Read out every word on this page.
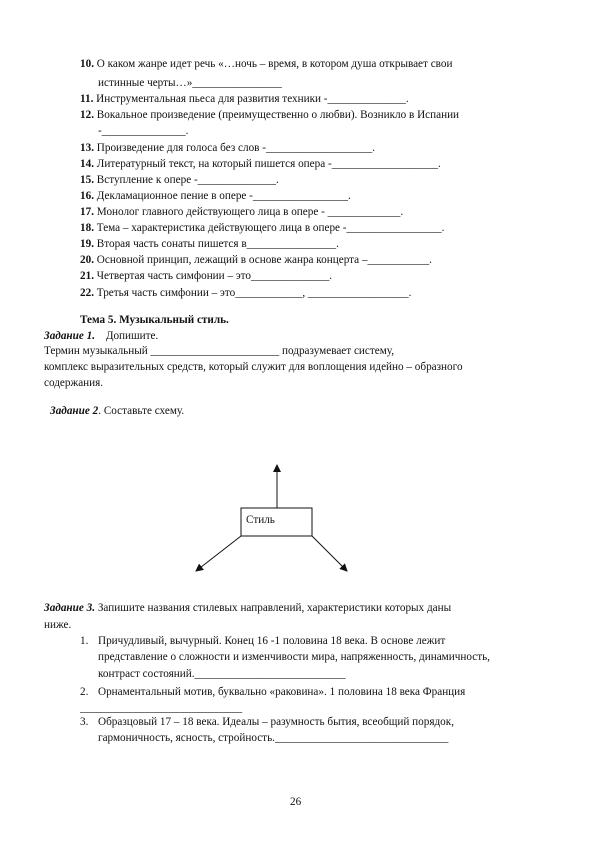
10. О каком жанре идет речь «…ночь – время, в котором душа открывает свои
истинные черты…»________________
11. Инструментальная пьеса для развития техники -______________.
12. Вокальное произведение (преимущественно о любви). Возникло в Испании
-_______________.
13. Произведение для голоса без слов -___________________.
14. Литературный текст, на который пишется опера -___________________.
15. Вступление к опере -______________.
16. Декламационное пение в опере -_________________.
17. Монолог главного действующего лица в опере - _____________.
18. Тема – характеристика действующего лица в опере -_________________.
19. Вторая часть сонаты пишется в________________.
20. Основной принцип, лежащий в основе жанра концерта –___________.
21. Четвертая часть симфонии – это______________.
22. Третья часть симфонии – это____________, __________________.
Тема 5. Музыкальный стиль.
Задание 1. Допишите.
Термин музыкальный _______________________ подразумевает систему,
комплекс выразительных средств, который служит для воплощения идейно – образного
содержания.
Задание 2. Составьте схему.
Стиль
Задание 3. Запишите названия стилевых направлений, характеристики которых даны
ниже.
1. Причудливый, вычурный. Конец 16 -1 половина 18 века. В основе лежит
представление о сложности и изменчивости мира, напряженность, динамичность,
контраст состояний.___________________________
2. Орнаментальный мотив, буквально «раковина». 1 половина 18 века Франция
_____________________________
3. Образцовый 17 – 18 века. Идеалы – разумность бытия, всеобщий порядок,
гармоничность, ясность, стройность._______________________________
26
